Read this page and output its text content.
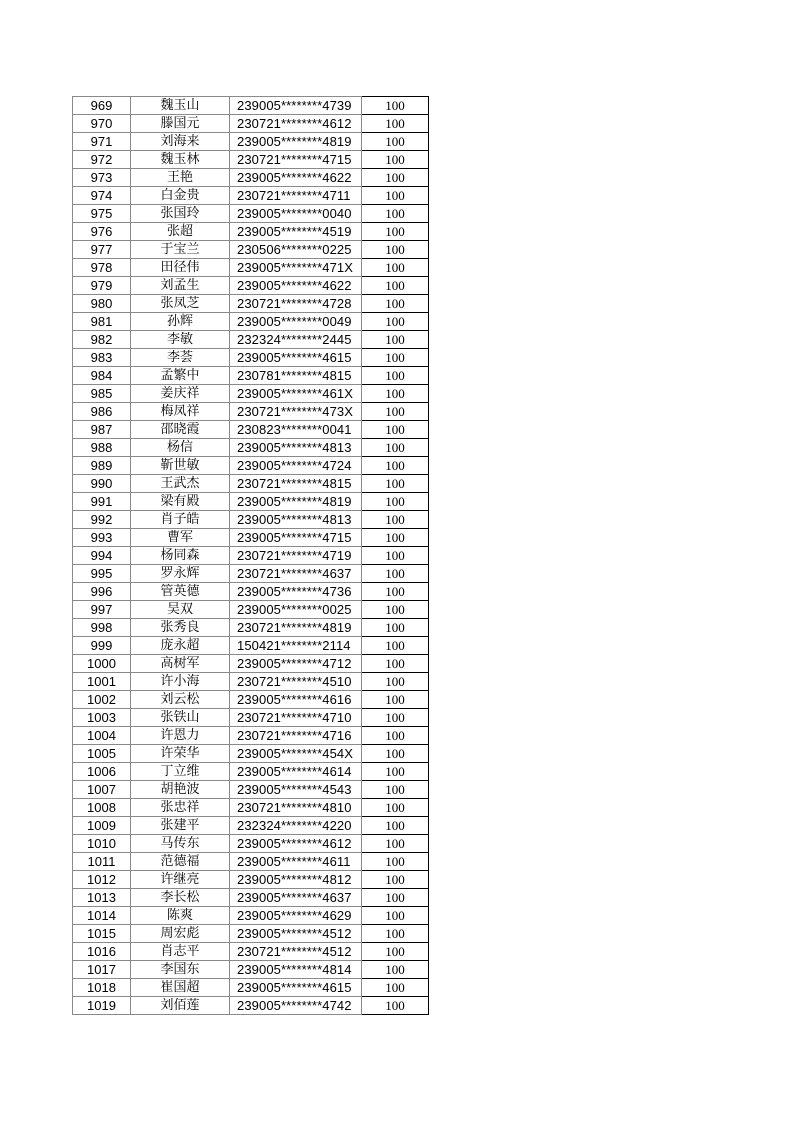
969	魏玉山	239005********4739	100
970	滕国元	230721********4612	100
971	刘海来	239005********4819	100
972	魏玉林	230721********4715	100
973	王艳	239005********4622	100
974	白金贵	230721********4711	100
975	张国玲	239005********0040	100
976	张超	239005********4519	100
977	于宝兰	230506********0225	100
978	田径伟	239005********471X	100
979	刘孟生	239005********4622	100
980	张凤芝	230721********4728	100
981	孙辉	239005********0049	100
982	李敏	232324********2445	100
983	李荟	239005********4615	100
984	孟繁中	230781********4815	100
985	姜庆祥	239005********461X	100
986	梅凤祥	230721********473X	100
987	邵晓霞	230823********0041	100
988	杨信	239005********4813	100
989	靳世敏	239005********4724	100
990	王武杰	230721********4815	100
991	梁有殿	239005********4819	100
992	肖子皓	239005********4813	100
993	曹军	239005********4715	100
994	杨同森	230721********4719	100
995	罗永辉	230721********4637	100
996	管英德	239005********4736	100
997	吴双	239005********0025	100
998	张秀良	230721********4819	100
999	庞永超	150421********2114	100
1000	高树军	239005********4712	100
1001	许小海	230721********4510	100
1002	刘云松	239005********4616	100
1003	张铁山	230721********4710	100
1004	许恩力	230721********4716	100
1005	许荣华	239005********454X	100
1006	丁立维	239005********4614	100
1007	胡艳波	239005********4543	100
1008	张忠祥	230721********4810	100
1009	张建平	232324********4220	100
1010	马传东	239005********4612	100
1011	范德福	239005********4611	100
1012	许继亮	239005********4812	100
1013	李长松	239005********4637	100
1014	陈爽	239005********4629	100
1015	周宏彪	239005********4512	100
1016	肖志平	230721********4512	100
1017	李国东	239005********4814	100
1018	崔国超	239005********4615	100
1019	刘佰莲	239005********4742	100
